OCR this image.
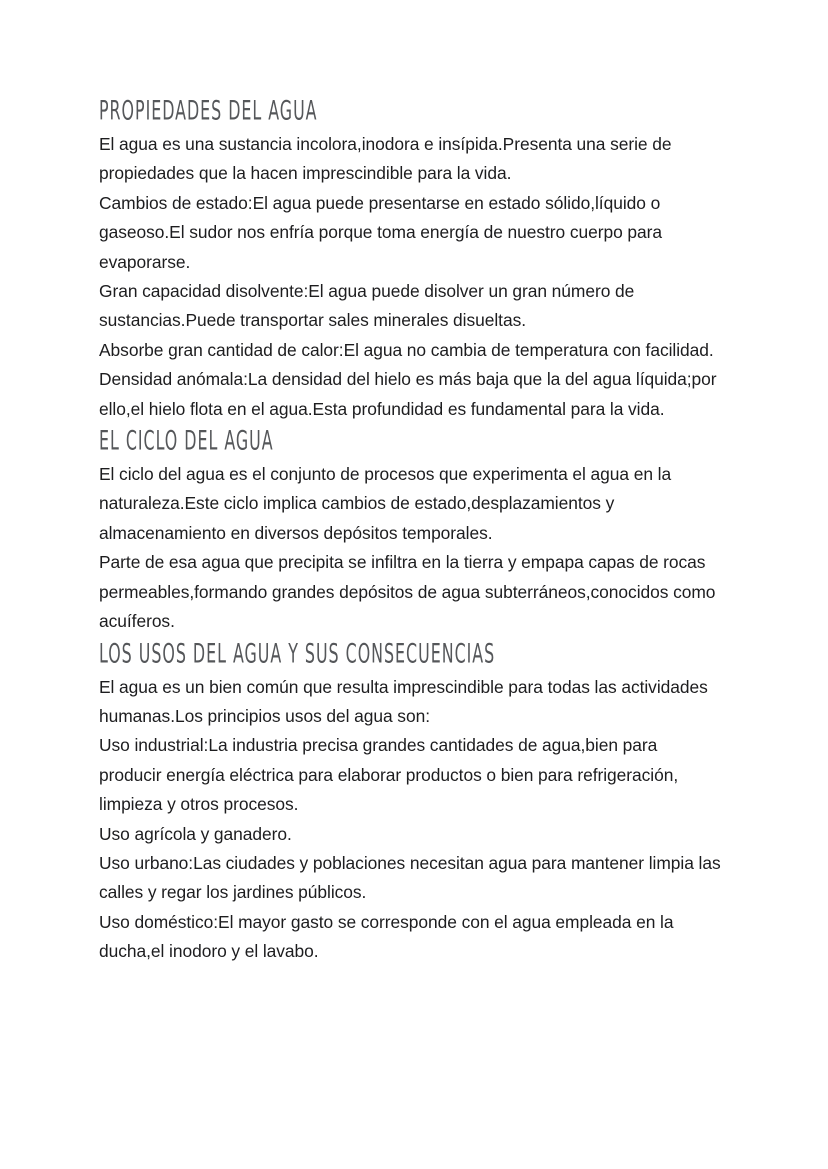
PROPIEDADES DEL AGUA

El agua es una sustancia incolora,inodora e insípida.Presenta una serie de propiedades que la hacen imprescindible para la vida.

Cambios de estado:El agua puede presentarse en estado sólido,líquido o gaseoso.El sudor nos enfría porque toma energía de nuestro cuerpo para evaporarse.

Gran capacidad disolvente:El agua puede disolver un gran número de sustancias.Puede transportar sales minerales disueltas.

Absorbe gran cantidad de calor:El agua no cambia de temperatura con facilidad.

Densidad anómala:La densidad del hielo es más baja que la del agua líquida;por ello,el hielo flota en el agua.Esta profundidad es fundamental para la vida.

EL CICLO DEL AGUA

El ciclo del agua es el conjunto de procesos que experimenta el agua en la naturaleza.Este ciclo implica cambios de estado,desplazamientos y almacenamiento en diversos depósitos temporales.

Parte de esa agua que precipita se infiltra en la tierra y empapa capas de rocas permeables,formando grandes depósitos de agua subterráneos,conocidos como acuíferos.

LOS USOS DEL AGUA Y SUS CONSECUENCIAS

El agua es un bien común que resulta imprescindible para todas las actividades humanas.Los principios usos del agua son:

Uso industrial:La industria precisa grandes cantidades de agua,bien para producir energía eléctrica para elaborar productos o bien para refrigeración, limpieza y otros procesos.

Uso agrícola y ganadero.

Uso urbano:Las ciudades y poblaciones necesitan agua para mantener limpia las calles y regar los jardines públicos.

Uso doméstico:El mayor gasto se corresponde con el agua empleada en la ducha,el inodoro y el lavabo.
